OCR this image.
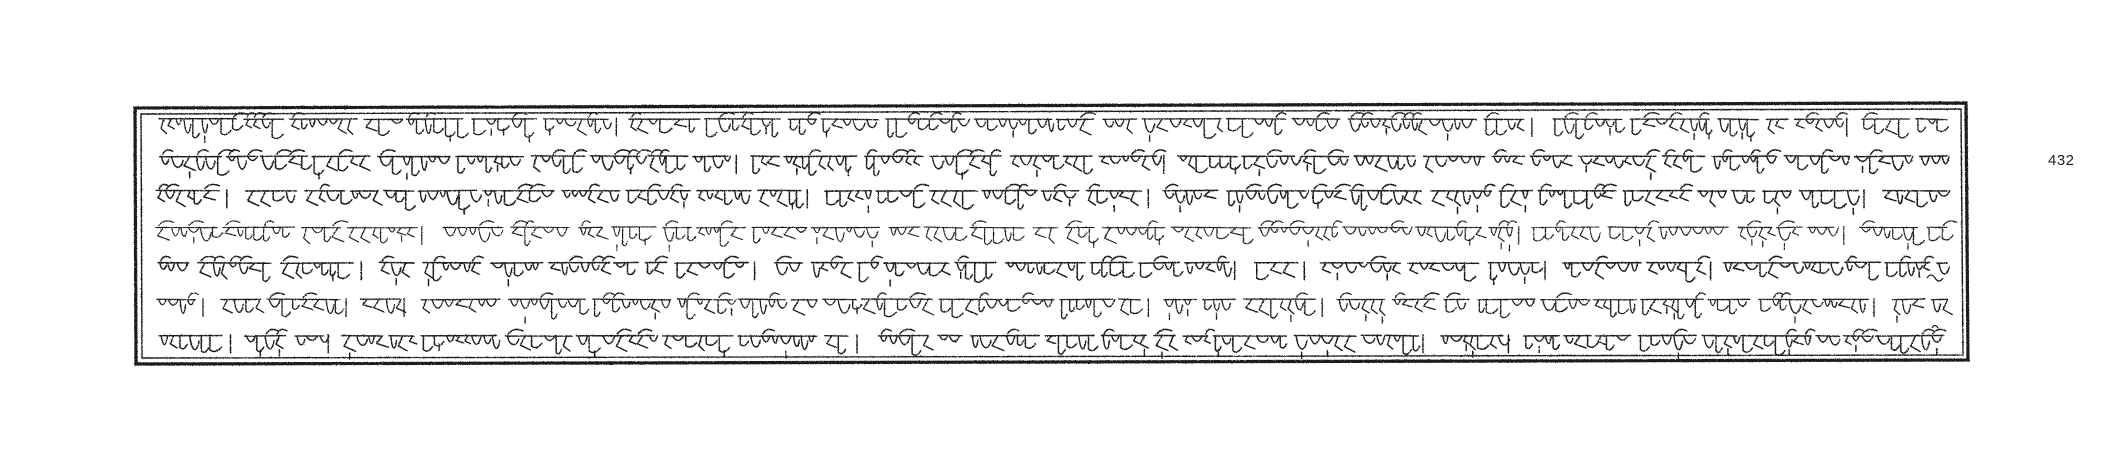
432
